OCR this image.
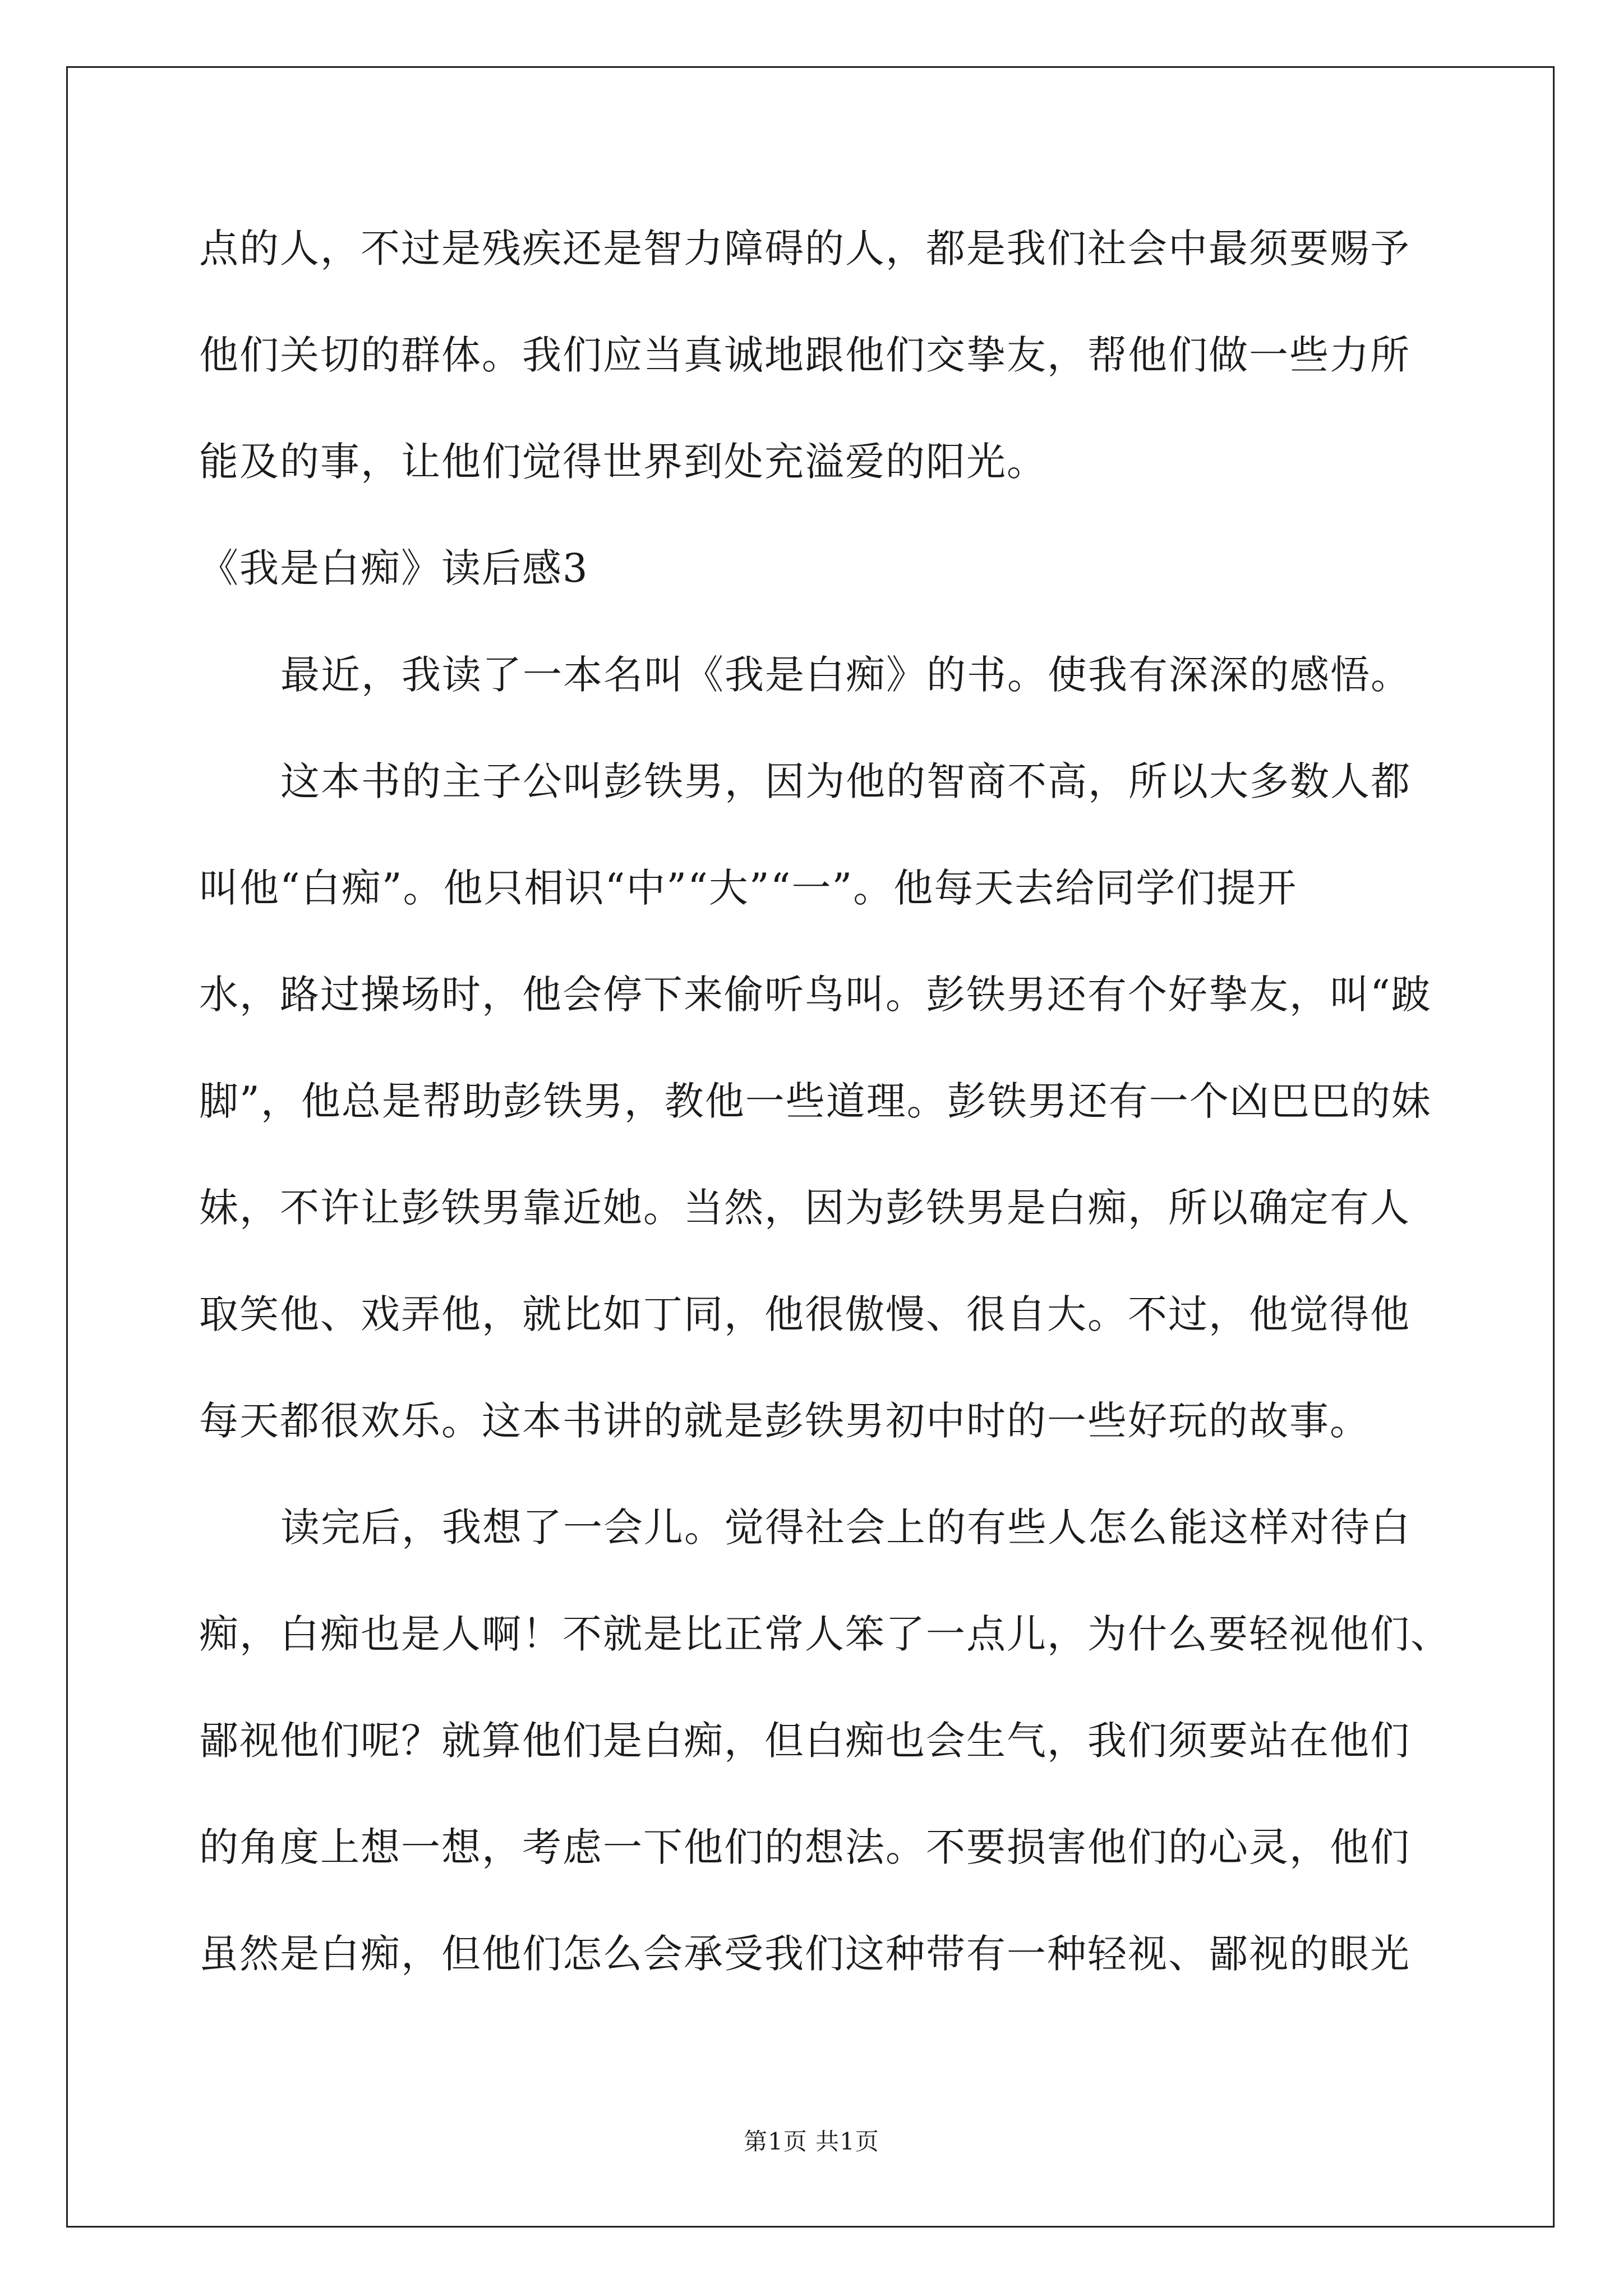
点的人，不过是残疾还是智力障碍的人，都是我们社会中最须要赐予
他们关切的群体。我们应当真诚地跟他们交挚友，帮他们做一些力所
能及的事，让他们觉得世界到处充溢爱的阳光。
《我是白痴》读后感3
最近，我读了一本名叫《我是白痴》的书。使我有深深的感悟。
这本书的主子公叫彭铁男，因为他的智商不高，所以大多数人都
叫他“白痴”。他只相识“中”“大”“一”。他每天去给同学们提开
水，路过操场时，他会停下来偷听鸟叫。彭铁男还有个好挚友，叫“跛
脚”，他总是帮助彭铁男，教他一些道理。彭铁男还有一个凶巴巴的妹
妹，不许让彭铁男靠近她。当然，因为彭铁男是白痴，所以确定有人
取笑他、戏弄他，就比如丁同，他很傲慢、很自大。不过，他觉得他
每天都很欢乐。这本书讲的就是彭铁男初中时的一些好玩的故事。
读完后，我想了一会儿。觉得社会上的有些人怎么能这样对待白
痴，白痴也是人啊！不就是比正常人笨了一点儿，为什么要轻视他们、
鄙视他们呢？就算他们是白痴，但白痴也会生气，我们须要站在他们
的角度上想一想，考虑一下他们的想法。不要损害他们的心灵，他们
虽然是白痴，但他们怎么会承受我们这种带有一种轻视、鄙视的眼光
第1页 共1页
